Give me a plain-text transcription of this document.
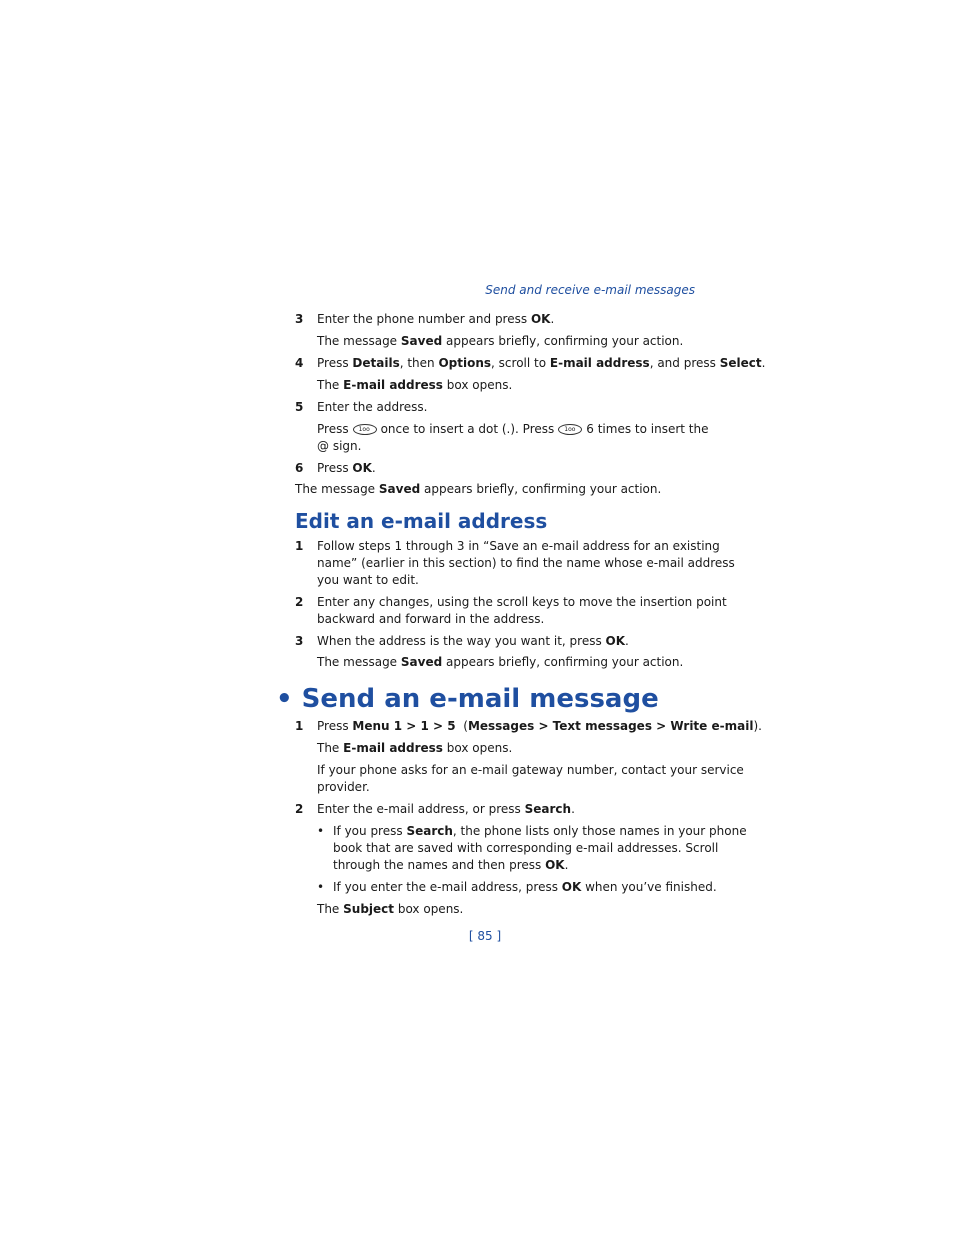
Send and receive e-mail messages
3 Enter the phone number and press OK.
The message Saved appears briefly, confirming your action.
4 Press Details, then Options, scroll to E-mail address, and press Select.
The E-mail address box opens.
5 Enter the address.
Press 1oo	once to insert a dot (.). Press 1oo	6 times to insert the
@ sign.
6 Press OK.
The message Saved appears briefly, confirming your action.
Edit an e-mail address
1 Follow steps 1 through 3 in “Save an e-mail address for an existing
name” (earlier in this section) to find the name whose e-mail address
you want to edit.
2 Enter any changes, using the scroll keys to move the insertion point
backward and forward in the address.
3 When the address is the way you want it, press OK.
The message Saved appears briefly, confirming your action.
• Send an e-mail message
1 Press Menu 1 > 1 > 5  (Messages > Text messages > Write e-mail).
The E-mail address box opens.
If your phone asks for an e-mail gateway number, contact your service
provider.
2 Enter the e-mail address, or press Search.
• If you press Search, the phone lists only those names in your phone
book that are saved with corresponding e-mail addresses. Scroll
through the names and then press OK.
• If you enter the e-mail address, press OK when you’ve finished.
The Subject box opens.
[ 85 ]
